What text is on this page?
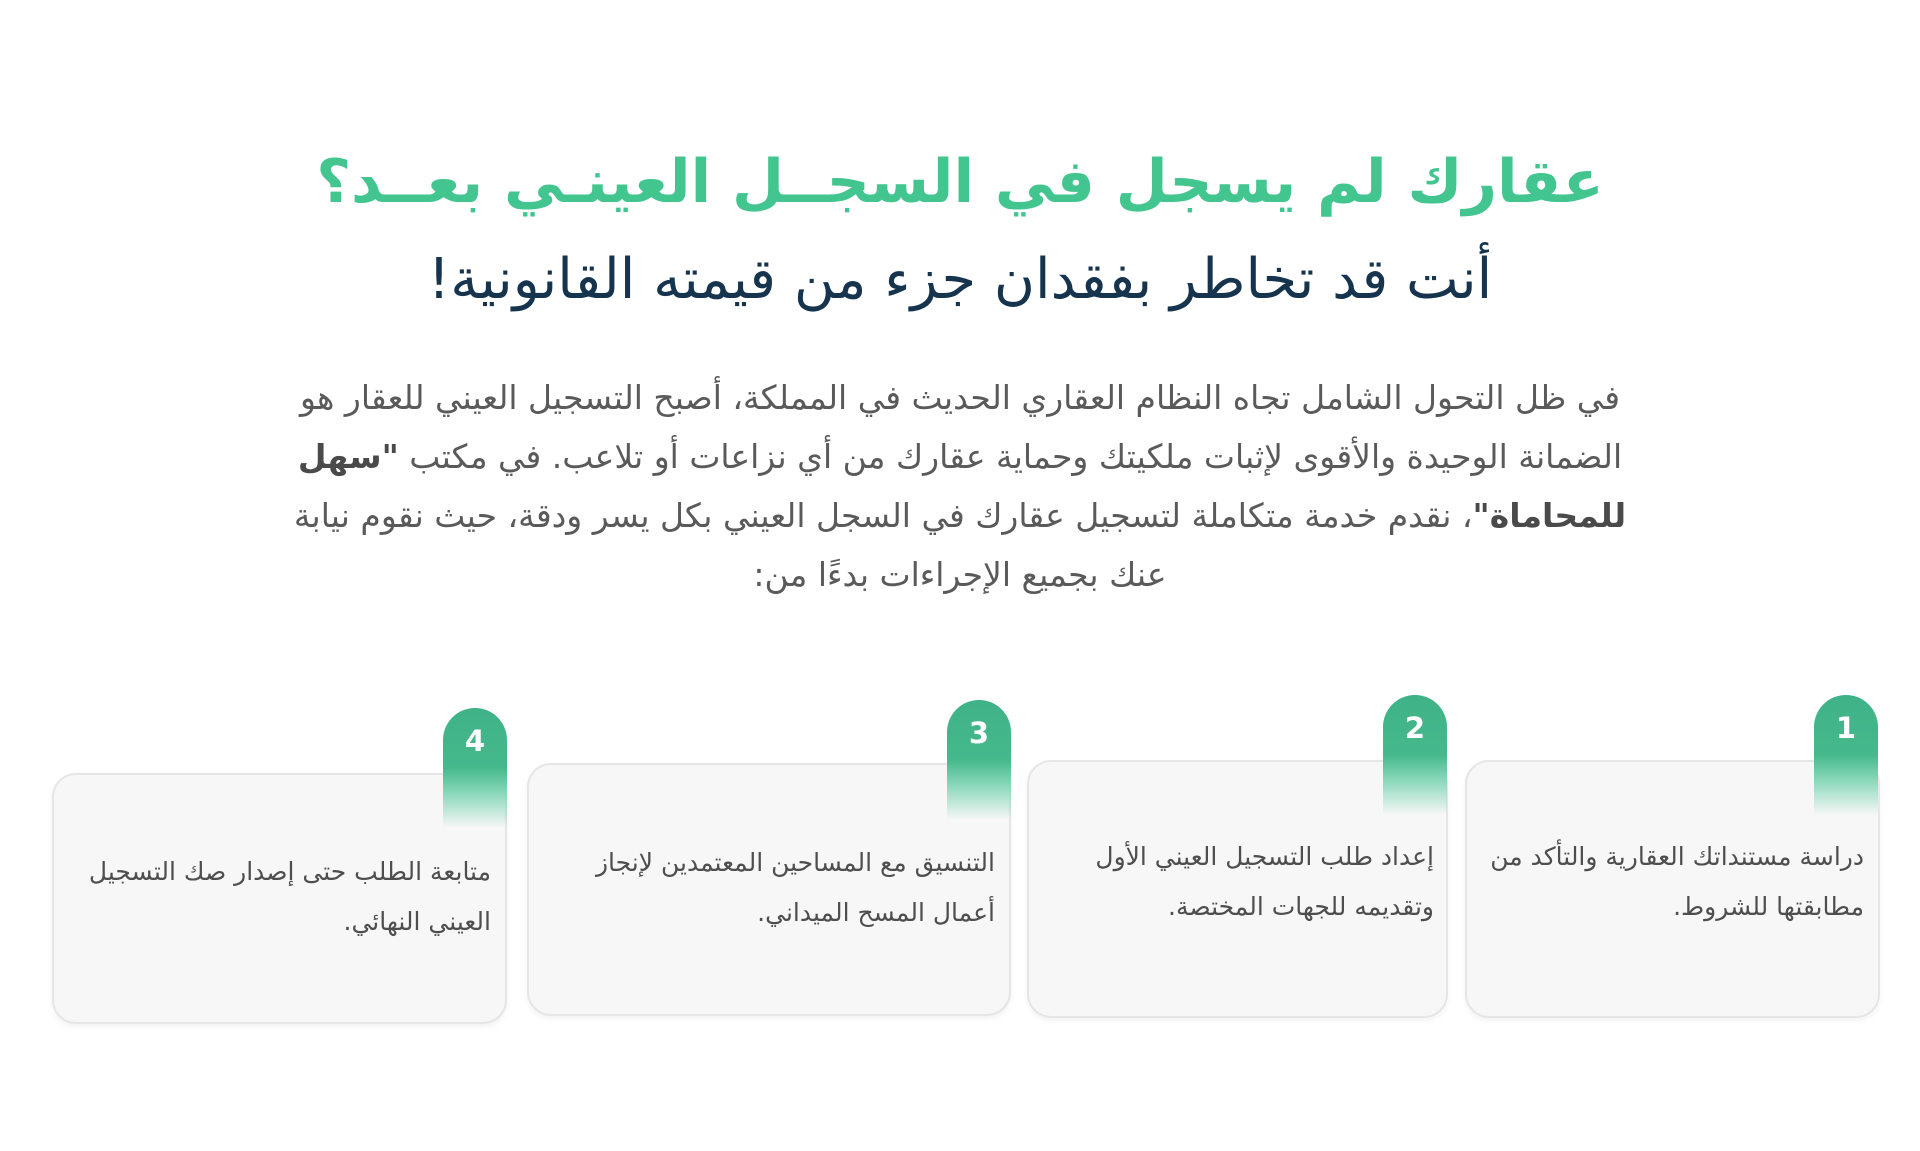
عقارك لم يسجل في السجــل العينـي بعــد؟
أنت قد تخاطر بفقدان جزء من قيمته القانونية!

في ظل التحول الشامل تجاه النظام العقاري الحديث في المملكة، أصبح التسجيل العيني للعقار هو الضمانة الوحيدة والأقوى لإثبات ملكيتك وحماية عقارك من أي نزاعات أو تلاعب. في مكتب "سهل للمحاماة"، نقدم خدمة متكاملة لتسجيل عقارك في السجل العيني بكل يسر ودقة، حيث نقوم نيابة عنك بجميع الإجراءات بدءًا من:

دراسة مستنداتك العقارية والتأكد من مطابقتها للشروط.

1

إعداد طلب التسجيل العيني الأول وتقديمه للجهات المختصة.

2

التنسيق مع المساحين المعتمدين لإنجاز أعمال المسح الميداني.

3

متابعة الطلب حتى إصدار صك التسجيل العيني النهائي.

4
